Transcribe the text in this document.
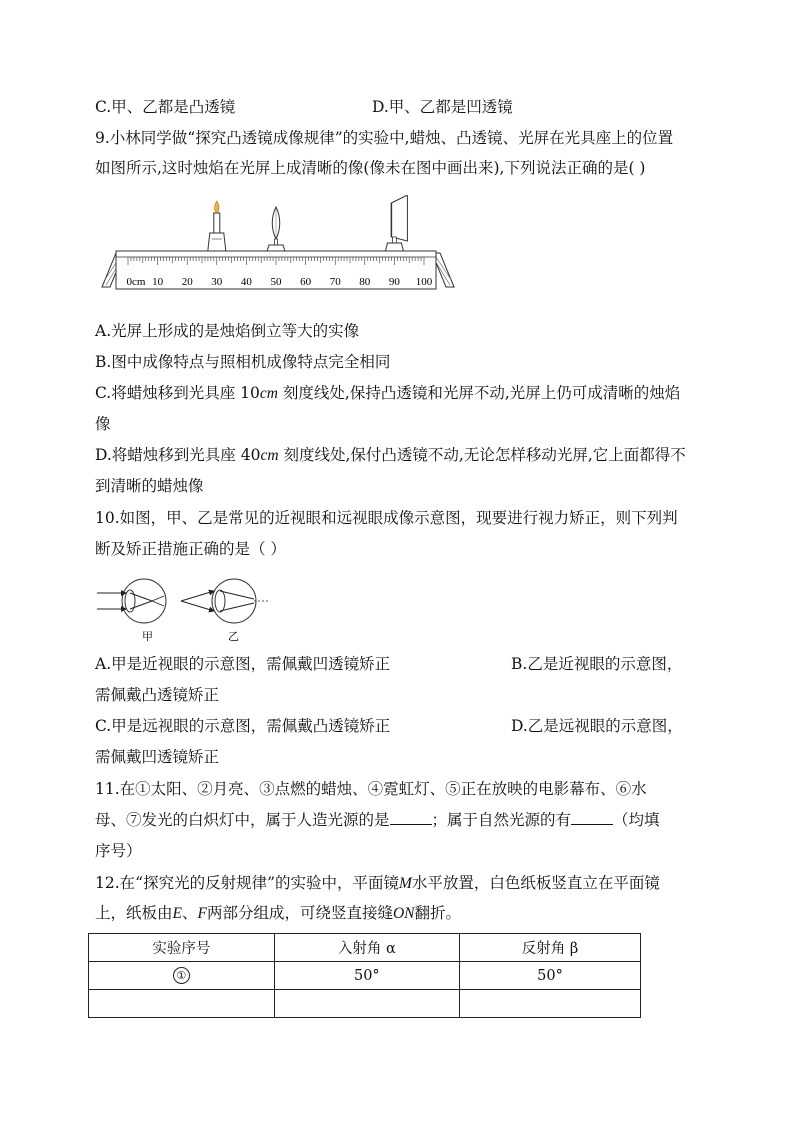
C.甲、乙都是凸透镜	D.甲、乙都是凹透镜
9.小林同学做“探究凸透镜成像规律”的实验中,蜡烛、凸透镜、光屏在光具座上的位置
如图所示,这时烛焰在光屏上成清晰的像(像未在图中画出来),下列说法正确的是( )
0cm 10 20 30 40 50 60 70 80 90 100
A.光屏上形成的是烛焰倒立等大的实像
B.图中成像特点与照相机成像特点完全相同
C.将蜡烛移到光具座 10cm 刻度线处,保持凸透镜和光屏不动,光屏上仍可成清晰的烛焰
像
D.将蜡烛移到光具座 40cm 刻度线处,保付凸透镜不动,无论怎样移动光屏,它上面都得不
到清晰的蜡烛像
10.如图，甲、乙是常见的近视眼和远视眼成像示意图，现要进行视力矫正，则下列判
断及矫正措施正确的是（ ）
甲	乙
A.甲是近视眼的示意图，需佩戴凹透镜矫正	B.乙是近视眼的示意图，
需佩戴凸透镜矫正
C.甲是远视眼的示意图，需佩戴凸透镜矫正	D.乙是远视眼的示意图，
需佩戴凹透镜矫正
11.在①太阳、②月亮、③点燃的蜡烛、④霓虹灯、⑤正在放映的电影幕布、⑥水
母、⑦发光的白炽灯中，属于人造光源的是	；属于自然光源的有	（均填
序号）
12.在“探究光的反射规律”的实验中，平面镜M水平放置，白色纸板竖直立在平面镜
上，纸板由E、F两部分组成，可绕竖直接缝ON翻折。
实验序号	入射角 α	反射角 β
①	50°	50°
